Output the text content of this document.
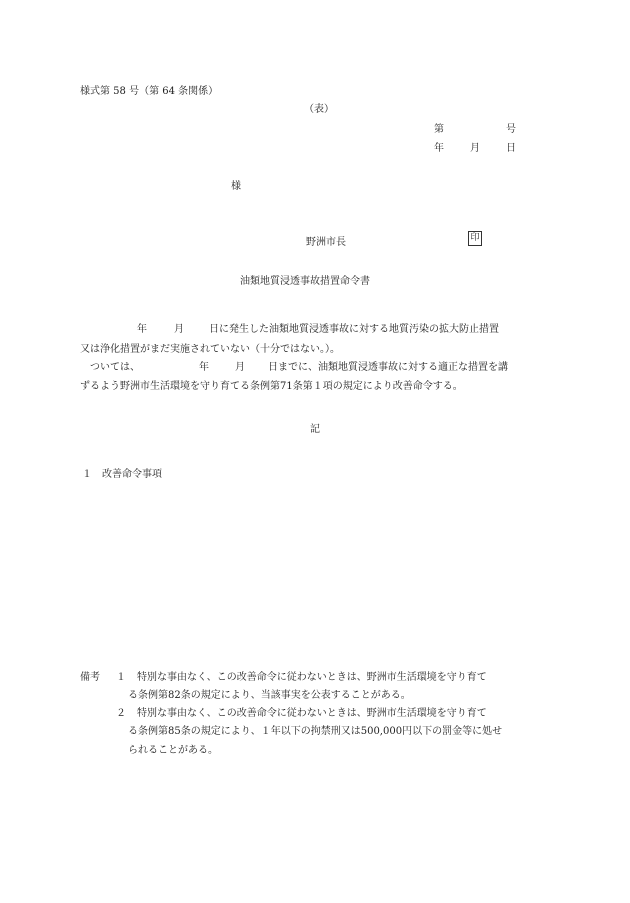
様式第 58 号（第 64 条関係）
（表）
第	号
年	月	日
様
野洲市長	印
油類地質浸透事故措置命令書
年	月	日に発生した油類地質浸透事故に対する地質汚染の拡大防止措置
又は浄化措置がまだ実施されていない（十分ではない。）。
ついては、	年	月 日までに、油類地質浸透事故に対する適正な措置を講
ずるよう野洲市生活環境を守り育てる条例第71条第１項の規定により改善命令する。
記
１ 改善命令事項
備考 １ 特別な事由なく、この改善命令に従わないときは、野洲市生活環境を守り育て
る条例第82条の規定により、当該事実を公表することがある。
２ 特別な事由なく、この改善命令に従わないときは、野洲市生活環境を守り育て
る条例第85条の規定により、１年以下の拘禁刑又は500,000円以下の罰金等に処せ
られることがある。
